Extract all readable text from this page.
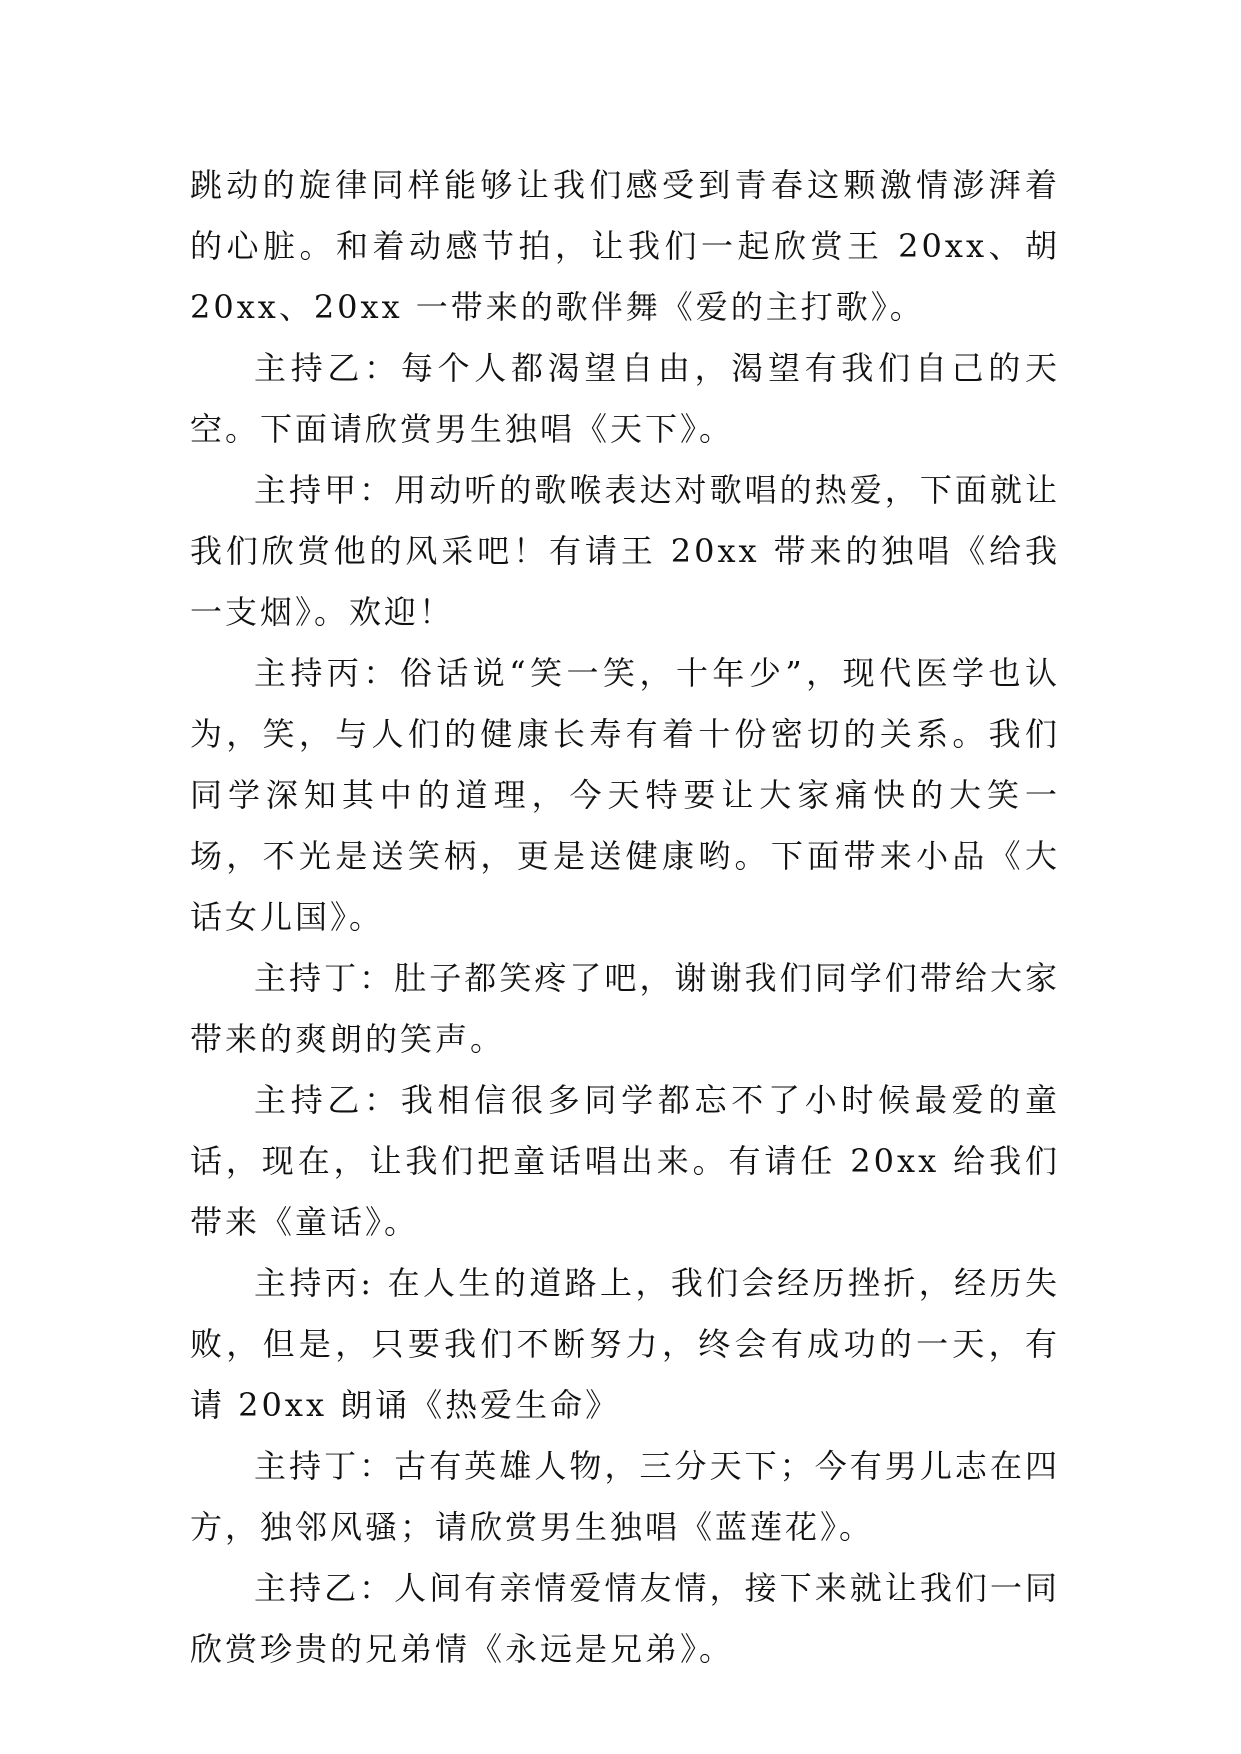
跳动的旋律同样能够让我们感受到青春这颗激情澎湃着的心脏。和着动感节拍，让我们一起欣赏王 20xx、胡 20xx、20xx 一带来的歌伴舞《爱的主打歌》。

主持乙：每个人都渴望自由，渴望有我们自己的天空。下面请欣赏男生独唱《天下》。

主持甲：用动听的歌喉表达对歌唱的热爱，下面就让我们欣赏他的风采吧！有请王 20xx 带来的独唱《给我一支烟》。欢迎！

主持丙：俗话说“笑一笑，十年少”，现代医学也认为，笑，与人们的健康长寿有着十份密切的关系。我们同学深知其中的道理，今天特要让大家痛快的大笑一场，不光是送笑柄，更是送健康哟。下面带来小品《大话女儿国》。

主持丁：肚子都笑疼了吧，谢谢我们同学们带给大家带来的爽朗的笑声。

主持乙：我相信很多同学都忘不了小时候最爱的童话，现在，让我们把童话唱出来。有请任 20xx 给我们带来《童话》。

主持丙: 在人生的道路上，我们会经历挫折，经历失败，但是，只要我们不断努力，终会有成功的一天，有请 20xx 朗诵《热爱生命》

主持丁：古有英雄人物，三分天下；今有男儿志在四方，独邻风骚；请欣赏男生独唱《蓝莲花》。

主持乙：人间有亲情爱情友情，接下来就让我们一同欣赏珍贵的兄弟情《永远是兄弟》。
